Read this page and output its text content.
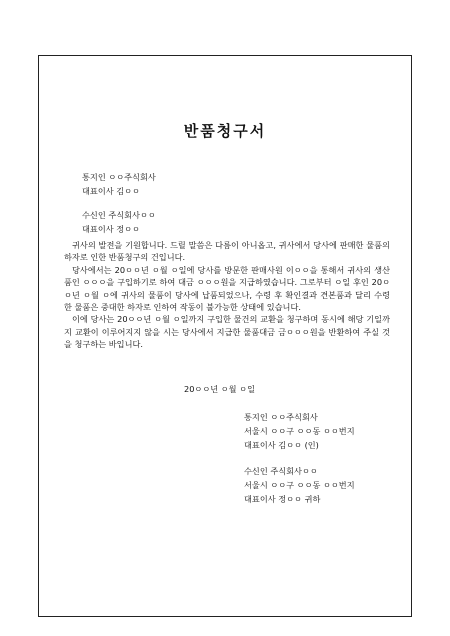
반품청구서
통지인 ㅇㅇ주식회사
대표이사 김ㅇㅇ
수신인 주식회사ㅇㅇ
대표이사 정ㅇㅇ

귀사의 발전을 기원합니다. 드릴 말씀은 다름이 아니옵고, 귀사에서 당사에 판매한 물품의 하자로 인한 반품청구의 건입니다.

당사에서는 20ㅇㅇ년 ㅇ월 ㅇ일에 당사를 방문한 판매사원 이ㅇㅇ을 통해서 귀사의 생산품인 ㅇㅇㅇ을 구입하기로 하여 대금 ㅇㅇㅇ원을 지급하였습니다. 그로부터 ㅇ일 후인 20ㅇㅇ년 ㅇ월 ㅇ에 귀사의 물품이 당사에 납품되었으나, 수령 후 확인결과 견본품과 달리 수령한 물품은 중대한 하자로 인하여 작동이 불가능한 상태에 있습니다.

이에 당사는 20ㅇㅇ년 ㅇ월 ㅇ일까지 구입한 물건의 교환을 청구하며 동시에 해당 기일까지 교환이 이루어지지 않을 시는 당사에서 지급한 물품대금 금ㅇㅇㅇ원을 반환하여 주실 것을 청구하는 바입니다.

20ㅇㅇ년 ㅇ월 ㅇ일
통지인 ㅇㅇ주식회사
서울시 ㅇㅇ구 ㅇㅇ동 ㅇㅇ번지
대표이사 김ㅇㅇ (인)
수신인 주식회사ㅇㅇ
서울시 ㅇㅇ구 ㅇㅇ동 ㅇㅇ번지
대표이사 정ㅇㅇ 귀하
